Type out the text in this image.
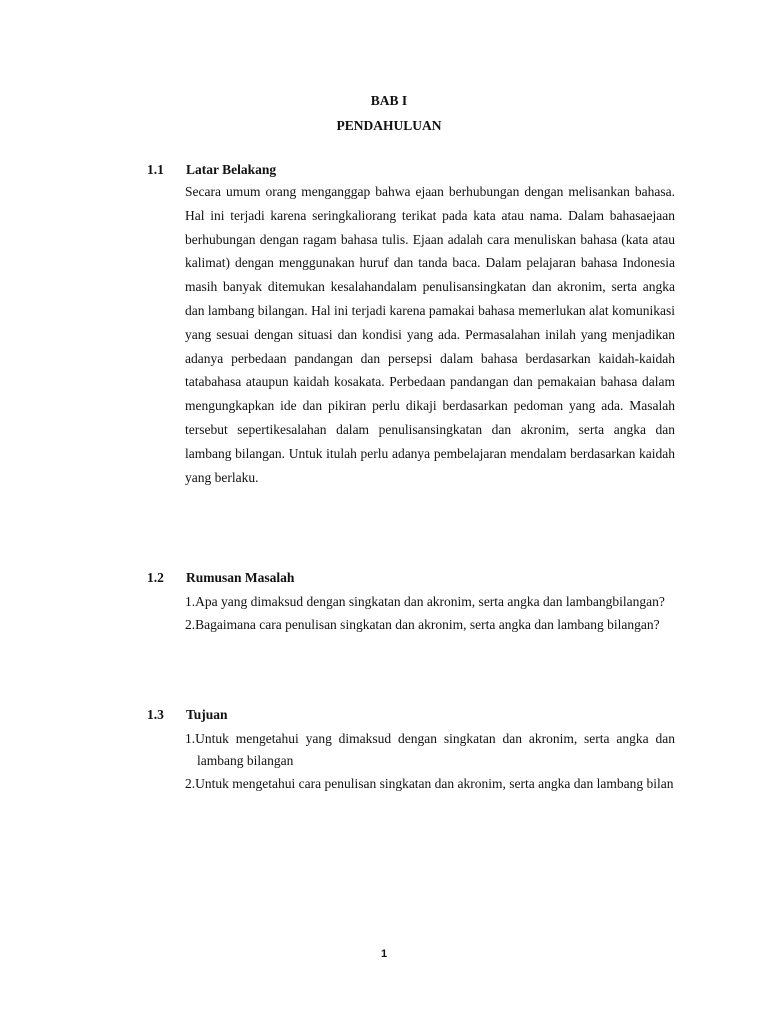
BAB I
PENDAHULUAN
1.1 Latar Belakang

Secara umum orang menganggap bahwa ejaan berhubungan dengan melisankan bahasa. Hal ini terjadi karena seringkaliorang terikat pada kata atau nama. Dalam bahasaejaan berhubungan dengan ragam bahasa tulis. Ejaan adalah cara menuliskan bahasa (kata atau kalimat) dengan menggunakan huruf dan tanda baca. Dalam pelajaran bahasa Indonesia masih banyak ditemukan kesalahandalam penulisansingkatan dan akronim, serta angka dan lambang bilangan. Hal ini terjadi karena pamakai bahasa memerlukan alat komunikasi yang sesuai dengan situasi dan kondisi yang ada. Permasalahan inilah yang menjadikan adanya perbedaan pandangan dan persepsi dalam bahasa berdasarkan kaidah-kaidah tatabahasa ataupun kaidah kosakata. Perbedaan pandangan dan pemakaian bahasa dalam mengungkapkan ide dan pikiran perlu dikaji berdasarkan pedoman yang ada. Masalah tersebut sepertikesalahan dalam penulisansingkatan dan akronim, serta angka dan lambang bilangan. Untuk itulah perlu adanya pembelajaran mendalam berdasarkan kaidah yang berlaku.

1.2 Rumusan Masalah
1.Apa yang dimaksud dengan singkatan dan akronim, serta angka dan lambangbilangan?
2.Bagaimana cara penulisan singkatan dan akronim, serta angka dan lambang bilangan?
1.3 Tujuan
1.Untuk mengetahui yang dimaksud dengan singkatan dan akronim, serta angka dan lambang bilangan
2.Untuk mengetahui cara penulisan singkatan dan akronim, serta angka dan lambang bilan
1
